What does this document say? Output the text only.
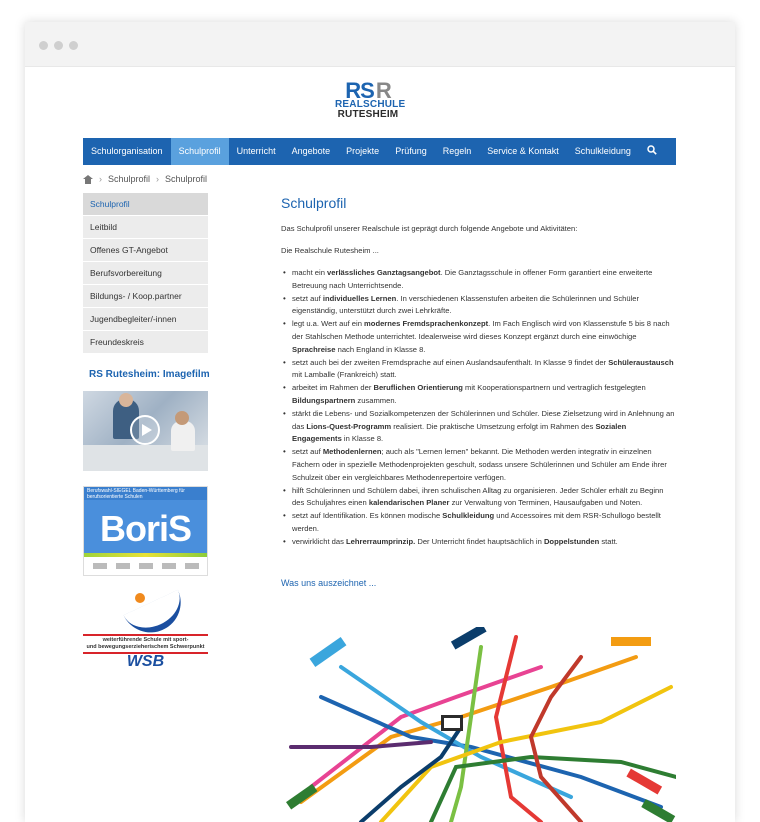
RS R
REALSCHULE
RUTESHEIM
Schulorganisation	Schulprofil	Unterricht	Angebote	Projekte	Prüfung	Regeln	Service & Kontakt	Schulkleidung
› Schulprofil › Schulprofil
Schulprofil
Leitbild
Offenes GT-Angebot
Berufsvorbereitung
Bildungs- / Koop.partner
Jugendbegleiter/-innen
Freundeskreis
RS Rutesheim: Imagefilm
Berufswahl-SIEGEL Baden-Württemberg für berufsorientierte Schulen
BoriS
weiterführende Schule mit sport-
und bewegungserzieherischem Schwerpunkt
WSB
Schulprofil

Das Schulprofil unserer Realschule ist geprägt durch folgende Angebote und Aktivitäten:

Die Realschule Rutesheim ...

• macht ein verlässliches Ganztagsangebot. Die Ganztagsschule in offener Form garantiert eine erweiterte Betreuung nach Unterrichtsende.
• setzt auf individuelles Lernen. In verschiedenen Klassenstufen arbeiten die Schülerinnen und Schüler eigenständig, unterstützt durch zwei Lehrkräfte.
• legt u.a. Wert auf ein modernes Fremdsprachenkonzept. Im Fach Englisch wird von Klassenstufe 5 bis 8 nach der Stahlschen Methode unterrichtet. Idealerweise wird dieses Konzept ergänzt durch eine einwöchige Sprachreise nach England in Klasse 8.
• setzt auch bei der zweiten Fremdsprache auf einen Auslandsaufenthalt. In Klasse 9 findet der Schüleraustausch mit Lamballe (Frankreich) statt.
• arbeitet im Rahmen der Beruflichen Orientierung mit Kooperationspartnern und vertraglich festgelegten Bildungspartnern zusammen.
• stärkt die Lebens- und Sozialkompetenzen der Schülerinnen und Schüler. Diese Zielsetzung wird in Anlehnung an das Lions-Quest-Programm realisiert. Die praktische Umsetzung erfolgt im Rahmen des Sozialen Engagements in Klasse 8.
• setzt auf Methodenlernen; auch als "Lernen lernen" bekannt. Die Methoden werden integrativ in einzelnen Fächern oder in spezielle Methodenprojekten geschult, sodass unsere Schülerinnen und Schüler am Ende ihrer Schulzeit über ein vergleichbares Methodenrepertoire verfügen.
• hilft Schülerinnen und Schülern dabei, ihren schulischen Alltag zu organisieren. Jeder Schüler erhält zu Beginn des Schuljahres einen kalendarischen Planer zur Verwaltung von Terminen, Hausaufgaben und Noten.
• setzt auf Identifikation. Es können modische Schulkleidung und Accessoires mit dem RSR-Schullogo bestellt werden.
• verwirklicht das Lehrerraumprinzip. Der Unterricht findet hauptsächlich in Doppelstunden statt.
Was uns auszeichnet ...
